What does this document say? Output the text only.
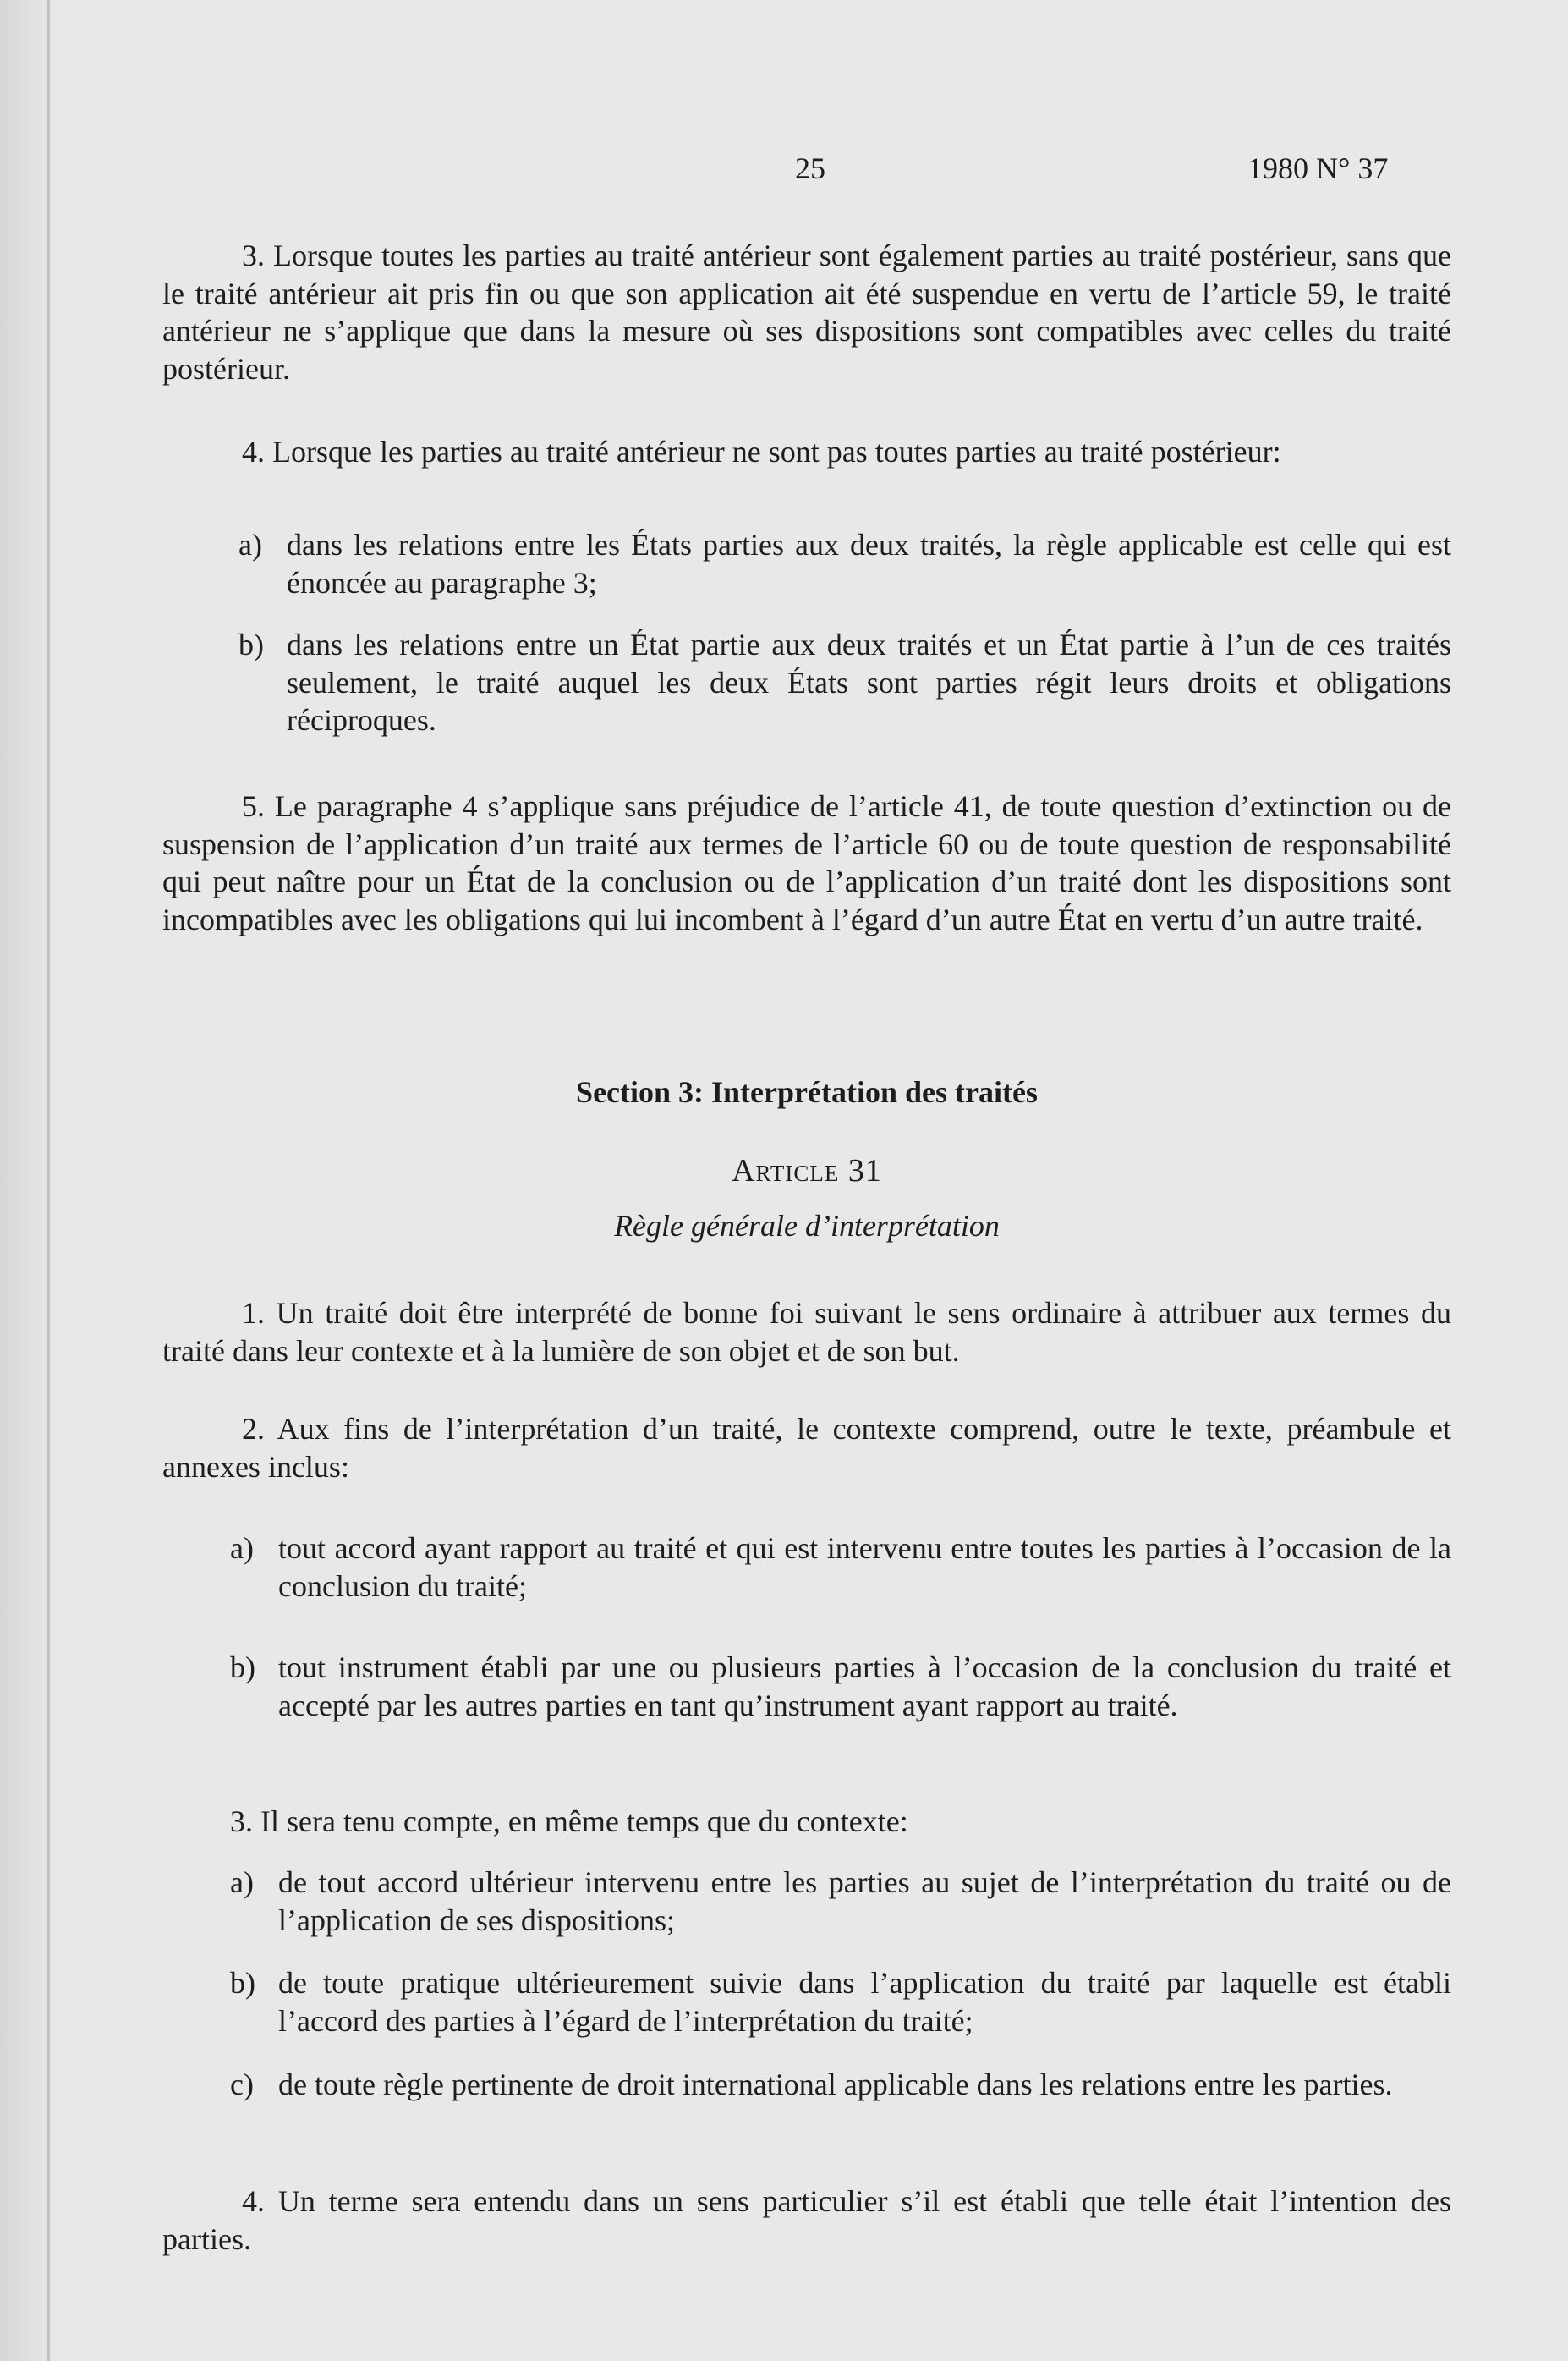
25	1980 N° 37

3. Lorsque toutes les parties au traité antérieur sont également parties au traité postérieur, sans que le traité antérieur ait pris fin ou que son application ait été suspendue en vertu de l’article 59, le traité antérieur ne s’applique que dans la mesure où ses dispositions sont compatibles avec celles du traité postérieur.

4. Lorsque les parties au traité antérieur ne sont pas toutes parties au traité postérieur:

a) dans les relations entre les États parties aux deux traités, la règle applicable est celle qui est énoncée au paragraphe 3;
b) dans les relations entre un État partie aux deux traités et un État partie à l’un de ces traités seulement, le traité auquel les deux États sont parties régit leurs droits et obligations réciproques.

5. Le paragraphe 4 s’applique sans préjudice de l’article 41, de toute question d’extinction ou de suspension de l’application d’un traité aux termes de l’article 60 ou de toute question de responsabilité qui peut naître pour un État de la conclusion ou de l’application d’un traité dont les dispositions sont incompatibles avec les obligations qui lui incombent à l’égard d’un autre État en vertu d’un autre traité.

Section 3: Interprétation des traités
Article 31
Règle générale d’interprétation

1. Un traité doit être interprété de bonne foi suivant le sens ordinaire à attribuer aux termes du traité dans leur contexte et à la lumière de son objet et de son but.

2. Aux fins de l’interprétation d’un traité, le contexte comprend, outre le texte, préambule et annexes inclus:

a) tout accord ayant rapport au traité et qui est intervenu entre toutes les parties à l’occasion de la conclusion du traité;
b) tout instrument établi par une ou plusieurs parties à l’occasion de la conclusion du traité et accepté par les autres parties en tant qu’instrument ayant rapport au traité.

3. Il sera tenu compte, en même temps que du contexte:

a) de tout accord ultérieur intervenu entre les parties au sujet de l’interprétation du traité ou de l’application de ses dispositions;
b) de toute pratique ultérieurement suivie dans l’application du traité par laquelle est établi l’accord des parties à l’égard de l’interprétation du traité;
c) de toute règle pertinente de droit international applicable dans les relations entre les parties.

4. Un terme sera entendu dans un sens particulier s’il est établi que telle était l’intention des parties.
